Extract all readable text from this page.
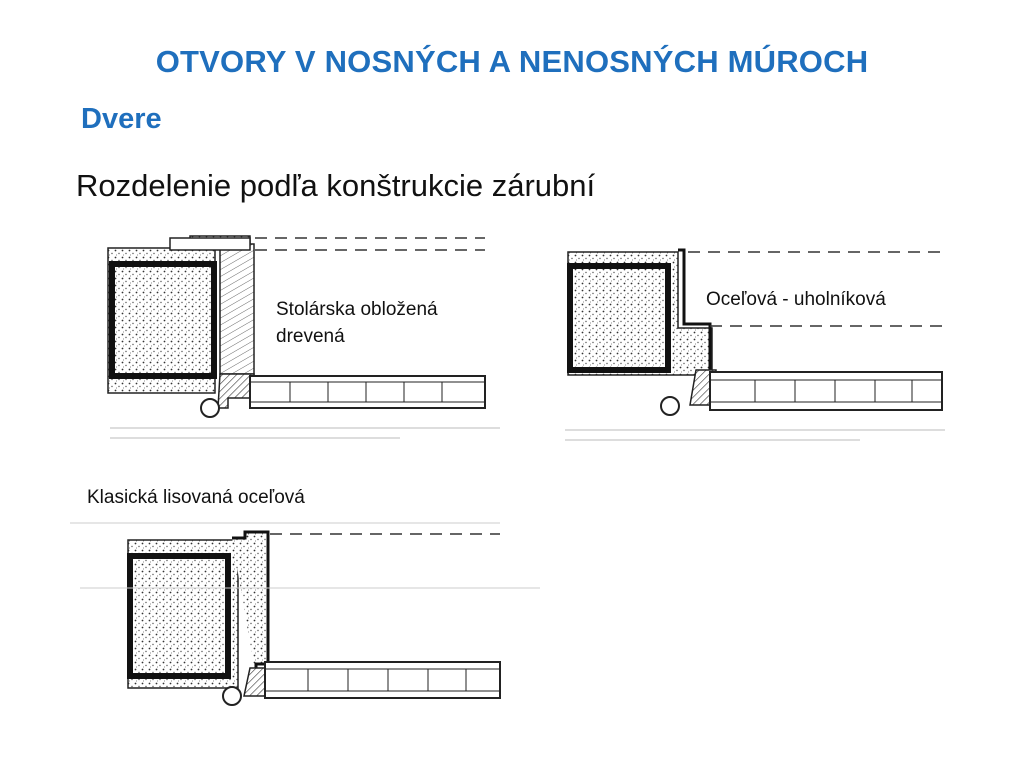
OTVORY V NOSNÝCH A NENOSNÝCH MÚROCH
Dvere
Rozdelenie podľa konštrukcie zárubní
Stolárska obložená drevená
Oceľová - uholníková
Klasická lisovaná oceľová
